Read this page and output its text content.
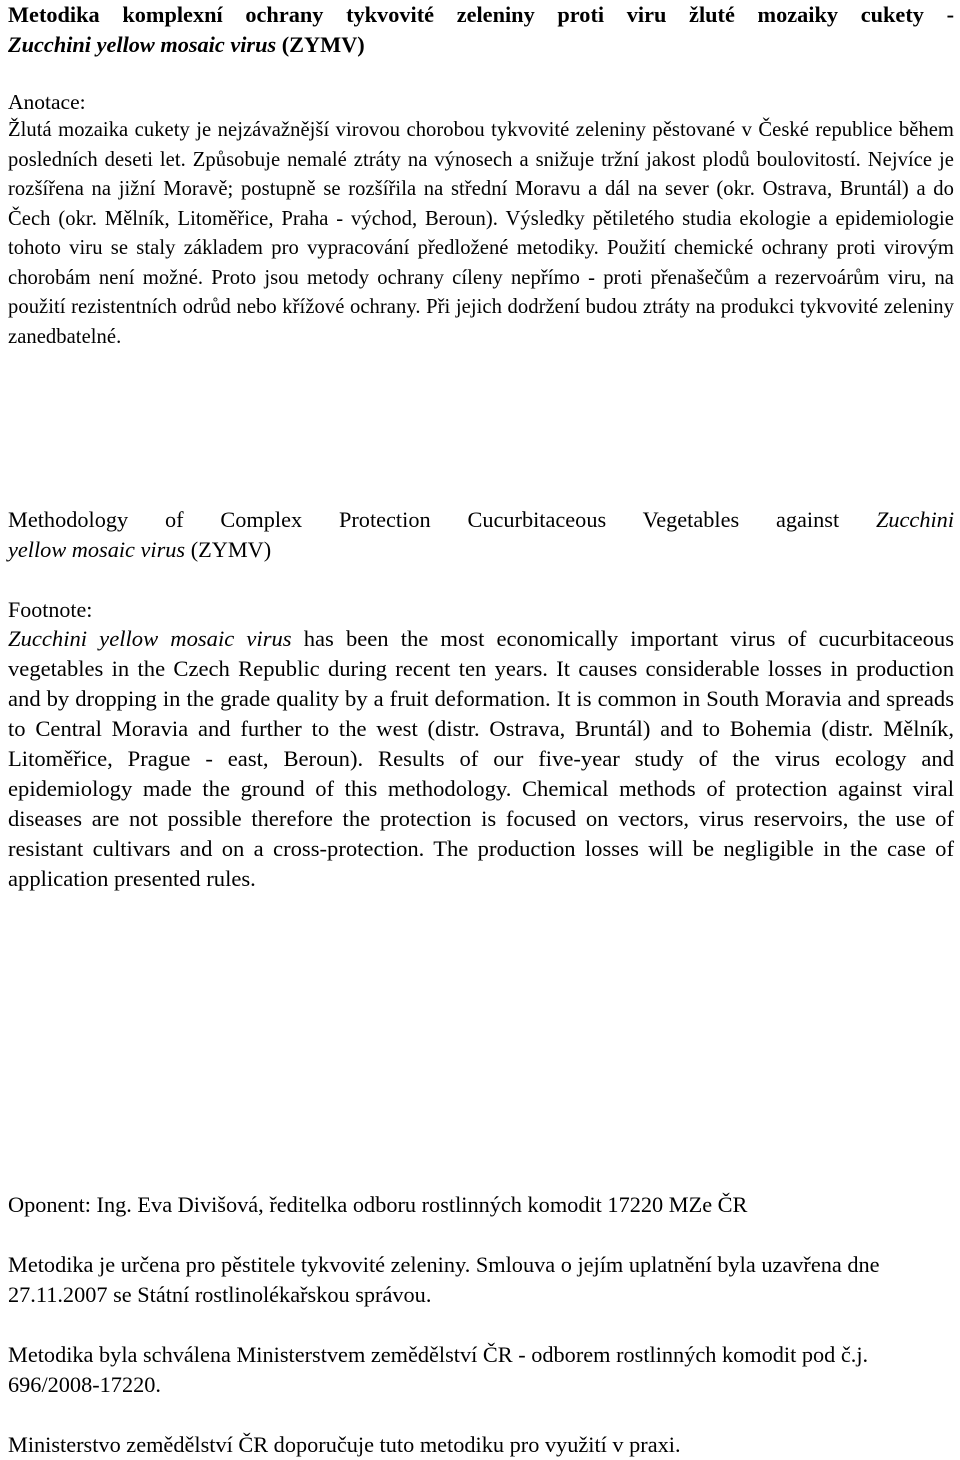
Metodika komplexní ochrany tykvovité zeleniny proti viru žluté mozaiky cukety -
Zucchini yellow mosaic virus (ZYMV)

Anotace:

Žlutá mozaika cukety je nejzávažnější virovou chorobou tykvovité zeleniny pěstované v České republice během posledních deseti let. Způsobuje nemalé ztráty na výnosech a snižuje tržní jakost plodů boulovitostí. Nejvíce je rozšířena na jižní Moravě; postupně se rozšířila na střední Moravu a dál na sever (okr. Ostrava, Bruntál) a do Čech (okr. Mělník, Litoměřice, Praha - východ, Beroun). Výsledky pětiletého studia ekologie a epidemiologie tohoto viru se staly základem pro vypracování předložené metodiky. Použití chemické ochrany proti virovým chorobám není možné. Proto jsou metody ochrany cíleny nepřímo - proti přenašečům a rezervoárům viru, na použití rezistentních odrůd nebo křížové ochrany. Při jejich dodržení budou ztráty na produkci tykvovité zeleniny zanedbatelné.

Methodology of Complex Protection Cucurbitaceous Vegetables against Zucchini
yellow mosaic virus (ZYMV)

Footnote:

Zucchini yellow mosaic virus has been the most economically important virus of cucurbitaceous vegetables in the Czech Republic during recent ten years. It causes considerable losses in production and by dropping in the grade quality by a fruit deformation. It is common in South Moravia and spreads to Central Moravia and further to the west (distr. Ostrava, Bruntál) and to Bohemia (distr. Mělník, Litoměřice, Prague - east, Beroun). Results of our five-year study of the virus ecology and epidemiology made the ground of this methodology. Chemical methods of protection against viral diseases are not possible therefore the protection is focused on vectors, virus reservoirs, the use of resistant cultivars and on a cross-protection. The production losses will be negligible in the case of application presented rules.

Oponent: Ing. Eva Divišová, ředitelka odboru rostlinných komodit 17220 MZe ČR

Metodika je určena pro pěstitele tykvovité zeleniny. Smlouva o jejím uplatnění byla uzavřena dne 27.11.2007 se Státní rostlinolékařskou správou.

Metodika byla schválena Ministerstvem zemědělství ČR - odborem rostlinných komodit pod č.j. 696/2008-17220.

Ministerstvo zemědělství ČR doporučuje tuto metodiku pro využití v praxi.
